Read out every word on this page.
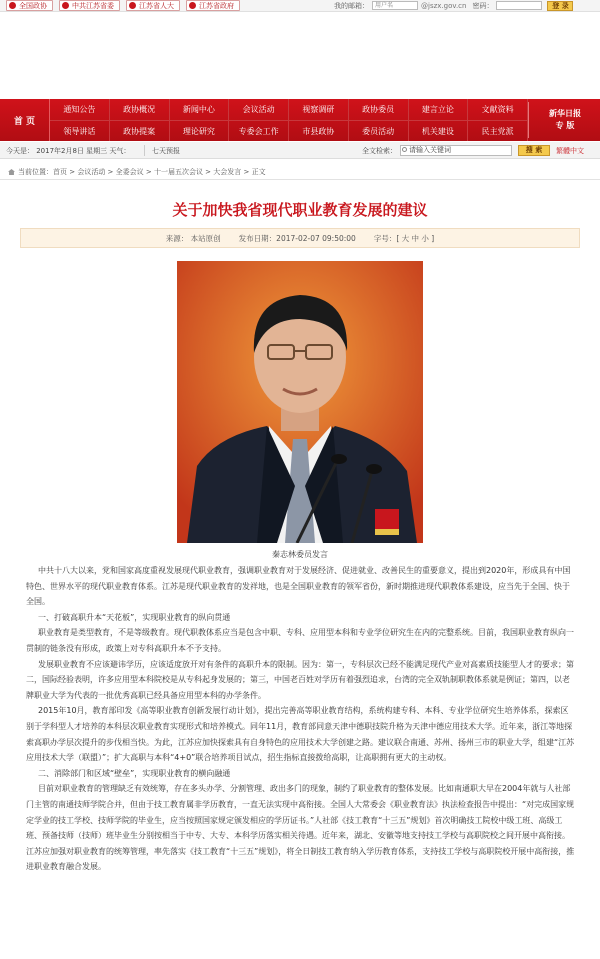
全国政协	中共江苏省委	江苏省人大	江苏省政府	我的邮箱： 用户名	@jszx.gov.cn 密码：	登 录
首 页
通知公告	政协概况	新闻中心	会议活动	视察调研	政协委员	建言立论	文献资料
领导讲话	政协提案	理论研究	专委会工作	市县政协	委员活动	机关建设	民主党派
新华日报
专 版
今天是： 2017年2月8日 星期三 天气：	七天预报	全文检索：	请输入关键词	搜 索	繁體中文
当前位置：首页 > 会议活动 > 全委会议 > 十一届五次会议 > 大会发言 > 正文
关于加快我省现代职业教育发展的建议
来源： 本站原创 发布日期：2017-02-07 09:50:00 字号：[ 大 中 小 ]
秦志林委员发言

中共十八大以来，党和国家高度重视发展现代职业教育，强调职业教育对于发展经济、促进就业、改善民生的重要意义，提出到2020年，形成具有中国特色、世界水平的现代职业教育体系。江苏是现代职业教育的发祥地，也是全国职业教育的领军省份，新时期推进现代职教体系建设，应当先于全国、快于全国。

一、打破高职升本“天花板”，实现职业教育的纵向贯通

职业教育是类型教育，不是等级教育。现代职教体系应当是包含中职、专科、应用型本科和专业学位研究生在内的完整系统。目前，我国职业教育纵向一贯制的链条没有形成，政策上对专科高职升本不予支持。

发展职业教育不应该避讳学历，应该适度放开对有条件的高职升本的限制。因为：第一，专科层次已经不能满足现代产业对高素质技能型人才的要求；第二，国际经验表明，许多应用型本科院校是从专科起身发展的；第三，中国老百姓对学历有着强烈追求，台湾的完全双轨制职教体系就是例证；第四，以老牌职业大学为代表的一批优秀高职已经具备应用型本科的办学条件。

2015年10月，教育部印发《高等职业教育创新发展行动计划》，提出完善高等职业教育结构，系统构建专科、本科、专业学位研究生培养体系，探索区别于学科型人才培养的本科层次职业教育实现形式和培养模式。同年11月，教育部同意天津中德职技院升格为天津中德应用技术大学。近年来，浙江等地探索高职办学层次提升的步伐相当快。为此，江苏应加快探索具有自身特色的应用技术大学创建之路。建议联合南通、苏州、扬州三市的职业大学，组建“江苏应用技术大学（联盟）”；扩大高职与本科“4+0”联合培养项目试点，招生指标直接拨给高职，让高职拥有更大的主动权。

二、消除部门和区域“壁垒”，实现职业教育的横向融通

目前对职业教育的管理缺乏有效统筹，存在多头办学、分割管理、政出多门的现象，制约了职业教育的整体发展。比如南通职大早在2004年就与人社部门主管的南通技师学院合并，但由于技工教育属非学历教育，一直无法实现中高衔接。全国人大常委会《职业教育法》执法检查报告中提出：“对完成国家规定学业的技工学校、技师学院的毕业生，应当按照国家规定颁发相应的学历证书。”人社部《技工教育“十三五”规划》首次明确技工院校中级工班、高级工班、预备技师（技师）班毕业生分别按相当于中专、大专、本科学历落实相关待遇。近年来，湖北、安徽等地支持技工学校与高职院校之间开展中高衔接。江苏应加强对职业教育的统筹管理，率先落实《技工教育“十三五”规划》，将全日制技工教育纳入学历教育体系，支持技工学校与高职院校开展中高衔接，推进职业教育融合发展。
